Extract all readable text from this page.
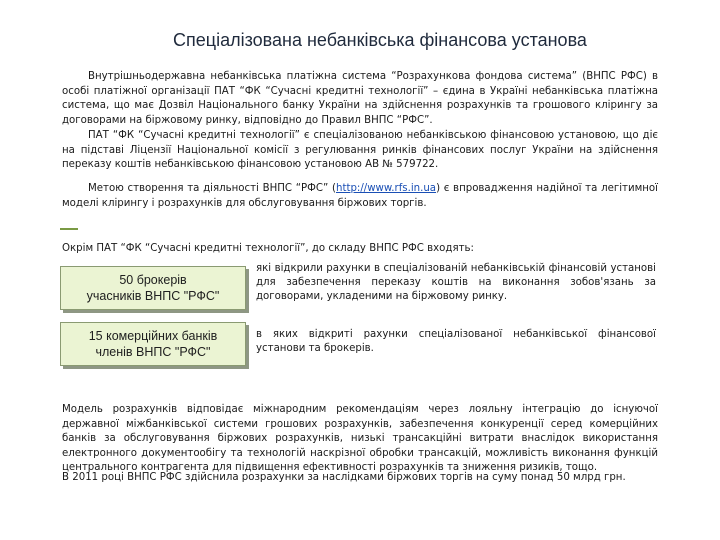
Спеціалізована небанківська фінансова установа
Внутрішньодержавна небанківська платіжна система “Розрахункова фондова система” (ВНПС РФС) в особі платіжної організації ПАТ “ФК “Сучасні кредитні технології” – єдина в Україні небанківська платіжна система, що має Дозвіл Національного банку України на здійснення розрахунків та грошового клірингу за договорами на біржовому ринку, відповідно до Правил ВНПС “РФС”.
ПАТ “ФК “Сучасні кредитні технології” є спеціалізованою небанківською фінансовою установою, що діє на підставі Ліцензії Національної комісії з регулювання ринків фінансових послуг України на здійснення переказу коштів небанківською фінансовою установою АВ № 579722.
Метою створення та діяльності ВНПС “РФС” (http://www.rfs.in.ua) є впровадження надійної та легітимної моделі клірингу і розрахунків для обслуговування біржових торгів.
Окрім ПАТ “ФК “Сучасні кредитні технології”, до складу ВНПС РФС входять:
50 брокерів
учасників ВНПС "РФС"

які відкрили рахунки в спеціалізованій небанківській фінансовій установі для забезпечення переказу коштів на виконання зобов'язань за договорами, укладеними на біржовому ринку.

15 комерційних банків
членів ВНПС "РФС"

в яких відкриті рахунки спеціалізованої небанківської фінансової установи та брокерів.

Модель розрахунків відповідає міжнародним рекомендаціям через лояльну інтеграцію до існуючої державної міжбанківської системи грошових розрахунків, забезпечення конкуренції серед комерційних банків за обслуговування біржових розрахунків, низькі трансакційні витрати внаслідок використання електронного документообігу та технологій наскрізної обробки трансакцій, можливість виконання функцій центрального контрагента для підвищення ефективності розрахунків та зниження ризиків, тощо.
В 2011 році ВНПС РФС здійснила розрахунки за наслідками біржових торгів на суму понад 50 млрд грн.
